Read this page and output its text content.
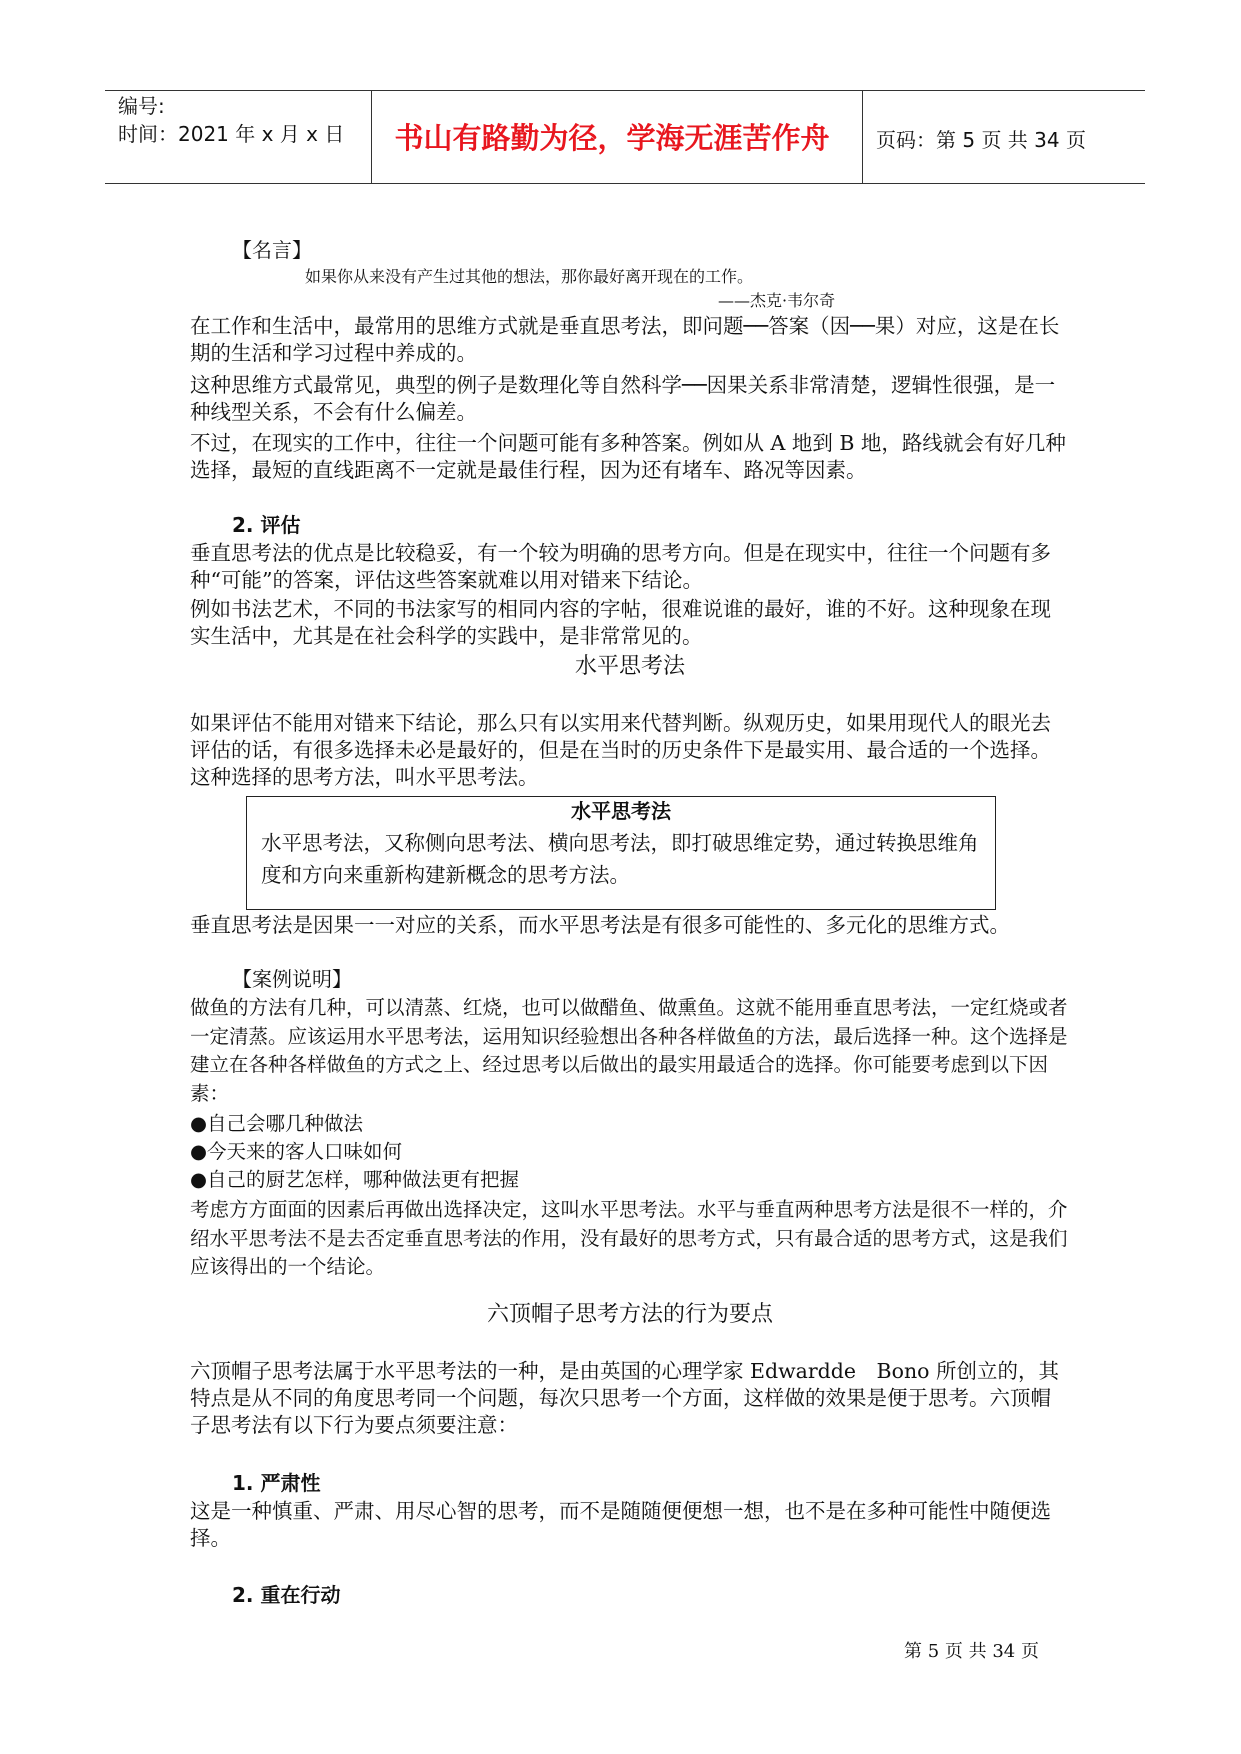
编号:
时间：2021 年 x 月 x 日	书山有路勤为径，学海无涯苦作舟	页码：第 5 页 共 34 页
【名言】
如果你从来没有产生过其他的想法，那你最好离开现在的工作。
——杰克·韦尔奇
在工作和生活中，最常用的思维方式就是垂直思考法，即问题──答案（因──果）对应，这是在长期的生活和学习过程中养成的。
这种思维方式最常见，典型的例子是数理化等自然科学──因果关系非常清楚，逻辑性很强，是一种线型关系，不会有什么偏差。
不过，在现实的工作中，往往一个问题可能有多种答案。例如从 A 地到 B 地，路线就会有好几种选择，最短的直线距离不一定就是最佳行程，因为还有堵车、路况等因素。
2. 评估
垂直思考法的优点是比较稳妥，有一个较为明确的思考方向。但是在现实中，往往一个问题有多种“可能”的答案，评估这些答案就难以用对错来下结论。
例如书法艺术，不同的书法家写的相同内容的字帖，很难说谁的最好，谁的不好。这种现象在现实生活中，尤其是在社会科学的实践中，是非常常见的。
水平思考法
如果评估不能用对错来下结论，那么只有以实用来代替判断。纵观历史，如果用现代人的眼光去评估的话，有很多选择未必是最好的，但是在当时的历史条件下是最实用、最合适的一个选择。这种选择的思考方法，叫水平思考法。
水平思考法
水平思考法，又称侧向思考法、横向思考法，即打破思维定势，通过转换思维角度和方向来重新构建新概念的思考方法。
垂直思考法是因果一一对应的关系，而水平思考法是有很多可能性的、多元化的思维方式。
【案例说明】
做鱼的方法有几种，可以清蒸、红烧，也可以做醋鱼、做熏鱼。这就不能用垂直思考法，一定红烧或者一定清蒸。应该运用水平思考法，运用知识经验想出各种各样做鱼的方法，最后选择一种。这个选择是建立在各种各样做鱼的方式之上、经过思考以后做出的最实用最适合的选择。你可能要考虑到以下因素：
●自己会哪几种做法
●今天来的客人口味如何
●自己的厨艺怎样，哪种做法更有把握
考虑方方面面的因素后再做出选择决定，这叫水平思考法。水平与垂直两种思考方法是很不一样的，介绍水平思考法不是去否定垂直思考法的作用，没有最好的思考方式，只有最合适的思考方式，这是我们应该得出的一个结论。
六顶帽子思考方法的行为要点
六顶帽子思考法属于水平思考法的一种，是由英国的心理学家 Edwardde　Bono 所创立的，其特点是从不同的角度思考同一个问题，每次只思考一个方面，这样做的效果是便于思考。六顶帽子思考法有以下行为要点须要注意：
1. 严肃性
这是一种慎重、严肃、用尽心智的思考，而不是随随便便想一想，也不是在多种可能性中随便选择。
2. 重在行动
第 5 页 共 34 页
